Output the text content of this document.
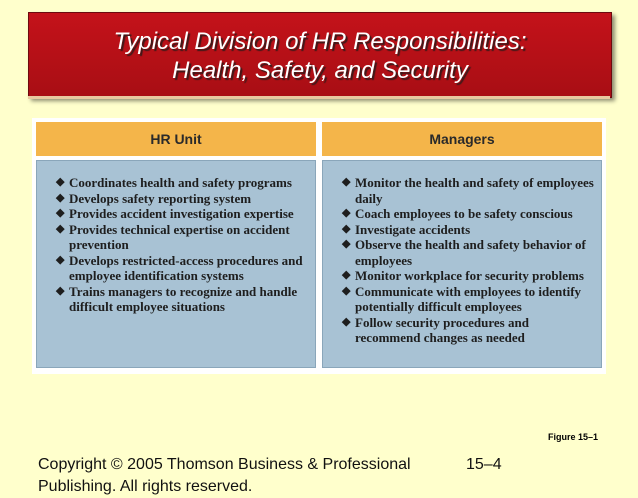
Typical Division of HR Responsibilities:
Health, Safety, and Security
HR Unit	Managers
◆ Coordinates health and safety programs
◆ Develops safety reporting system
◆ Provides accident investigation expertise
◆ Provides technical expertise on accident prevention
◆ Develops restricted-access procedures and employee identification systems
◆ Trains managers to recognize and handle difficult employee situations
◆ Monitor the health and safety of employees daily
◆ Coach employees to be safety conscious
◆ Investigate accidents
◆ Observe the health and safety behavior of employees
◆ Monitor workplace for security problems
◆ Communicate with employees to identify potentially difficult employees
◆ Follow security procedures and recommend changes as needed
Figure 15–1
Copyright © 2005 Thomson Business & Professional
Publishing. All rights reserved.
15–4
